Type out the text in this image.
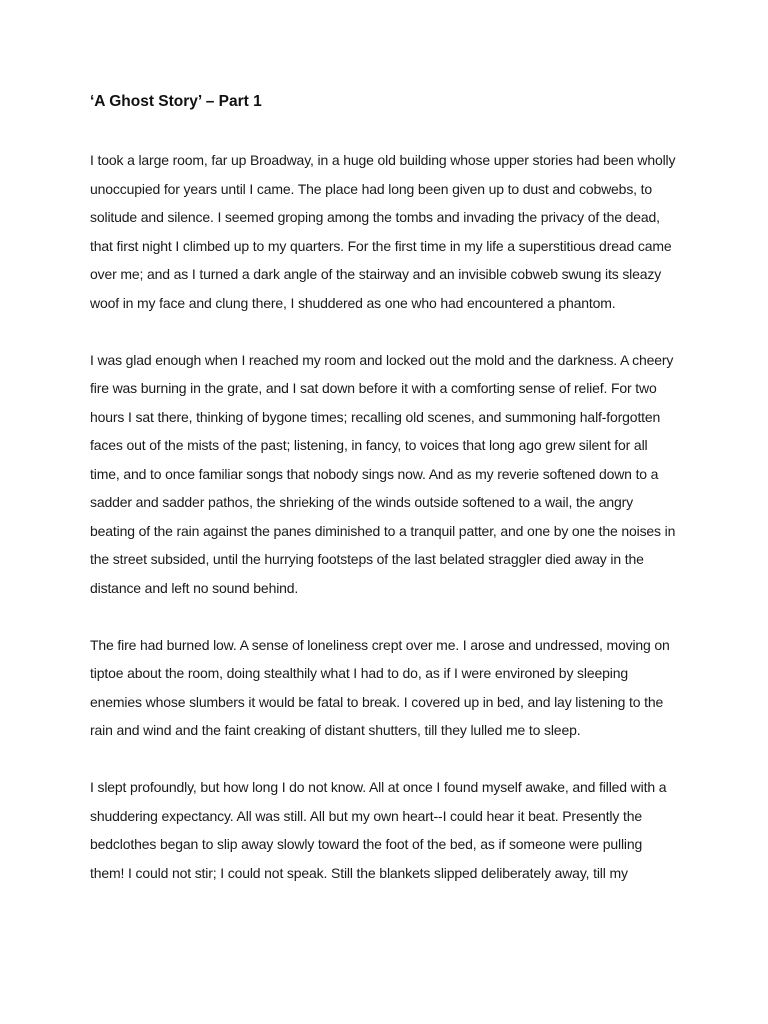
‘A Ghost Story’ – Part 1

I took a large room, far up Broadway, in a huge old building whose upper stories had been wholly unoccupied for years until I came. The place had long been given up to dust and cobwebs, to solitude and silence. I seemed groping among the tombs and invading the privacy of the dead, that first night I climbed up to my quarters. For the first time in my life a superstitious dread came over me; and as I turned a dark angle of the stairway and an invisible cobweb swung its sleazy woof in my face and clung there, I shuddered as one who had encountered a phantom.

I was glad enough when I reached my room and locked out the mold and the darkness. A cheery fire was burning in the grate, and I sat down before it with a comforting sense of relief. For two hours I sat there, thinking of bygone times; recalling old scenes, and summoning half-forgotten faces out of the mists of the past; listening, in fancy, to voices that long ago grew silent for all time, and to once familiar songs that nobody sings now. And as my reverie softened down to a sadder and sadder pathos, the shrieking of the winds outside softened to a wail, the angry beating of the rain against the panes diminished to a tranquil patter, and one by one the noises in the street subsided, until the hurrying footsteps of the last belated straggler died away in the distance and left no sound behind.

The fire had burned low. A sense of loneliness crept over me. I arose and undressed, moving on tiptoe about the room, doing stealthily what I had to do, as if I were environed by sleeping enemies whose slumbers it would be fatal to break. I covered up in bed, and lay listening to the rain and wind and the faint creaking of distant shutters, till they lulled me to sleep.

I slept profoundly, but how long I do not know. All at once I found myself awake, and filled with a shuddering expectancy. All was still. All but my own heart--I could hear it beat. Presently the bedclothes began to slip away slowly toward the foot of the bed, as if someone were pulling them! I could not stir; I could not speak. Still the blankets slipped deliberately away, till my
